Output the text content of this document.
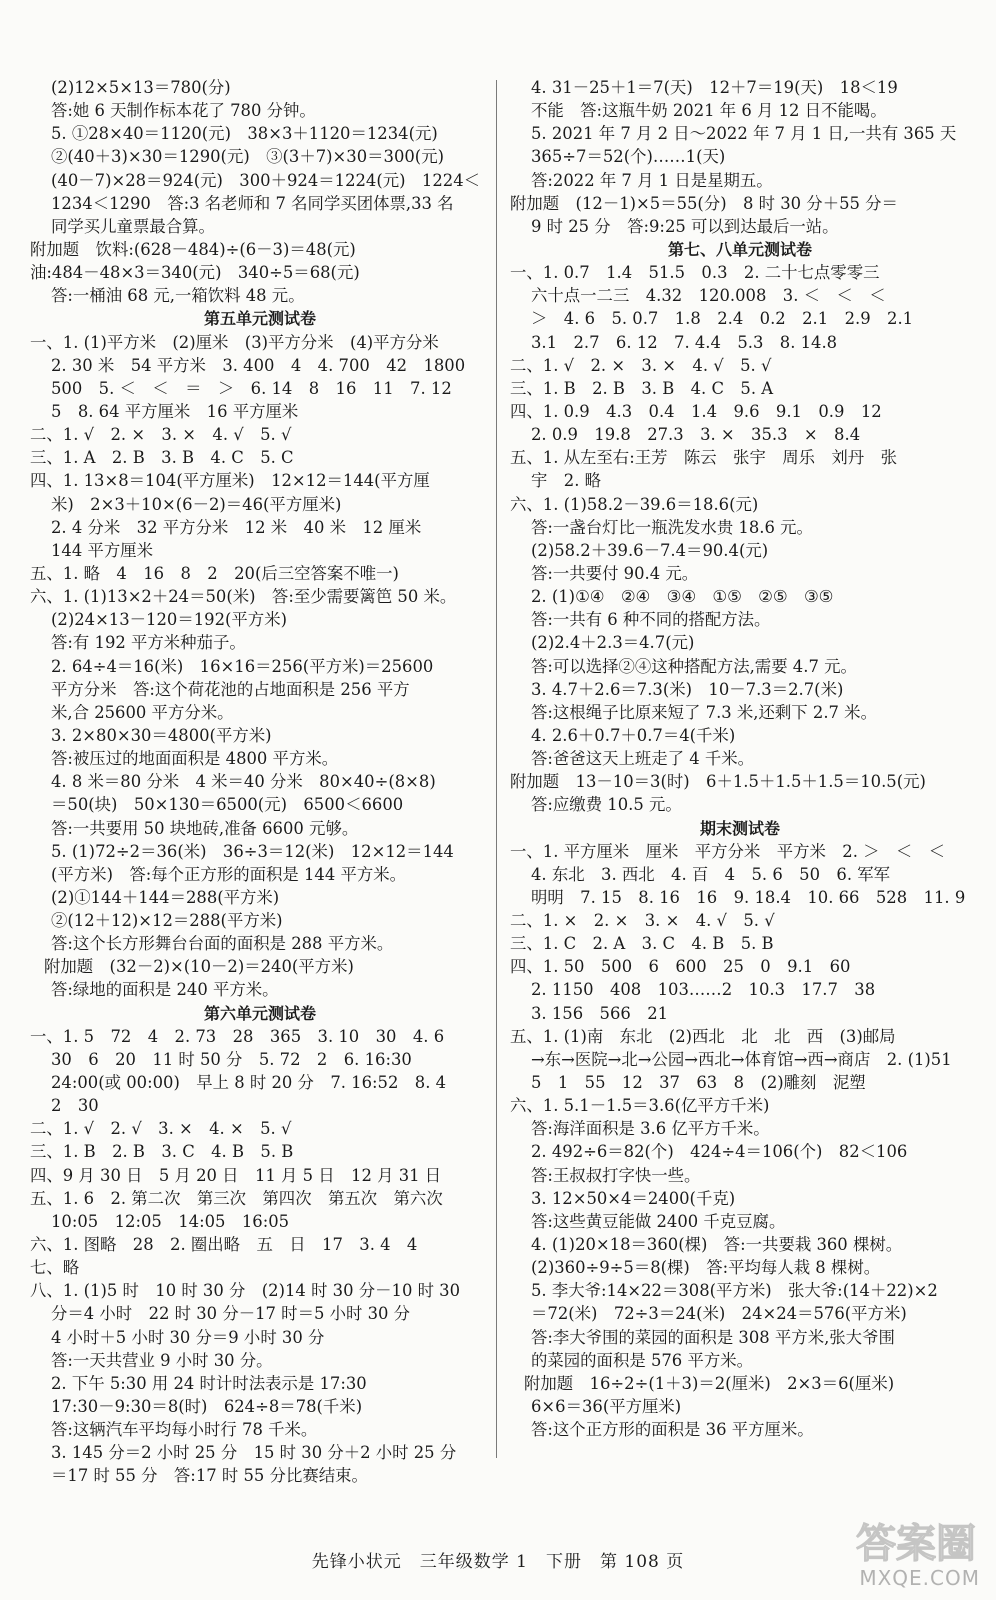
(2)12×5×13＝780(分)
答:她 6 天制作标本花了 780 分钟。
5. ①28×40＝1120(元)　38×3＋1120＝1234(元)
②(40＋3)×30＝1290(元)　③(3＋7)×30＝300(元)
(40－7)×28＝924(元)　300＋924＝1224(元)　1224＜
1234＜1290　答:3 名老师和 7 名同学买团体票,33 名
同学买儿童票最合算。
附加题　饮料:(628－484)÷(6－3)＝48(元)
油:484－48×3＝340(元)　340÷5＝68(元)
答:一桶油 68 元,一箱饮料 48 元。
第五单元测试卷
一、1. (1)平方米　(2)厘米　(3)平方分米　(4)平方分米
2. 30 米　54 平方米　3. 400　4　4. 700　42　1800
500　5. ＜　＜　＝　＞　6. 14　8　16　11　7. 12
5　8. 64 平方厘米　16 平方厘米
二、1. √　2. ×　3. ×　4. √　5. √
三、1. A　2. B　3. B　4. C　5. C
四、1. 13×8＝104(平方厘米)　12×12＝144(平方厘
米)　2×3＋10×(6－2)＝46(平方厘米)
2. 4 分米　32 平方分米　12 米　40 米　12 厘米
144 平方厘米
五、1. 略　4　16　8　2　20(后三空答案不唯一)
六、1. (1)13×2＋24＝50(米)　答:至少需要篱笆 50 米。
(2)24×13－120＝192(平方米)
答:有 192 平方米种茄子。
2. 64÷4＝16(米)　16×16＝256(平方米)＝25600
平方分米　答:这个荷花池的占地面积是 256 平方
米,合 25600 平方分米。
3. 2×80×30＝4800(平方米)
答:被压过的地面面积是 4800 平方米。
4. 8 米＝80 分米　4 米＝40 分米　80×40÷(8×8)
＝50(块)　50×130＝6500(元)　6500＜6600
答:一共要用 50 块地砖,准备 6600 元够。
5. (1)72÷2＝36(米)　36÷3＝12(米)　12×12＝144
(平方米)　答:每个正方形的面积是 144 平方米。
(2)①144＋144＝288(平方米)
②(12＋12)×12＝288(平方米)
答:这个长方形舞台台面的面积是 288 平方米。
附加题　(32－2)×(10－2)＝240(平方米)
答:绿地的面积是 240 平方米。
第六单元测试卷
一、1. 5　72　4　2. 73　28　365　3. 10　30　4. 6
30　6　20　11 时 50 分　5. 72　2　6. 16:30
24:00(或 00:00)　早上 8 时 20 分　7. 16:52　8. 4
2　30
二、1. √　2. √　3. ×　4. ×　5. √
三、1. B　2. B　3. C　4. B　5. B
四、9 月 30 日　5 月 20 日　11 月 5 日　12 月 31 日
五、1. 6　2. 第二次　第三次　第四次　第五次　第六次
10:05　12:05　14:05　16:05
六、1. 图略　28　2. 圈出略　五　日　17　3. 4　4
七、略
八、1. (1)5 时　10 时 30 分　(2)14 时 30 分－10 时 30
分＝4 小时　22 时 30 分－17 时＝5 小时 30 分
4 小时＋5 小时 30 分＝9 小时 30 分
答:一天共营业 9 小时 30 分。
2. 下午 5:30 用 24 时计时法表示是 17:30
17:30－9:30＝8(时)　624÷8＝78(千米)
答:这辆汽车平均每小时行 78 千米。
3. 145 分＝2 小时 25 分　15 时 30 分＋2 小时 25 分
＝17 时 55 分　答:17 时 55 分比赛结束。
4. 31－25＋1＝7(天)　12＋7＝19(天)　18＜19
不能　答:这瓶牛奶 2021 年 6 月 12 日不能喝。
5. 2021 年 7 月 2 日～2022 年 7 月 1 日,一共有 365 天
365÷7＝52(个)……1(天)
答:2022 年 7 月 1 日是星期五。
附加题　(12－1)×5＝55(分)　8 时 30 分＋55 分＝
9 时 25 分　答:9:25 可以到达最后一站。
第七、八单元测试卷
一、1. 0.7　1.4　51.5　0.3　2. 二十七点零零三
六十点一二三　4.32　120.008　3. ＜　＜　＜
＞　4. 6　5. 0.7　1.8　2.4　0.2　2.1　2.9　2.1
3.1　2.7　6. 12　7. 4.4　5.3　8. 14.8
二、1. √　2. ×　3. ×　4. √　5. √
三、1. B　2. B　3. B　4. C　5. A
四、1. 0.9　4.3　0.4　1.4　9.6　9.1　0.9　12
2. 0.9　19.8　27.3　3. ×　35.3　×　8.4
五、1. 从左至右:王芳　陈云　张宇　周乐　刘丹　张
宇　2. 略
六、1. (1)58.2－39.6＝18.6(元)
答:一盏台灯比一瓶洗发水贵 18.6 元。
(2)58.2＋39.6－7.4＝90.4(元)
答:一共要付 90.4 元。
2. (1)①④　②④　③④　①⑤　②⑤　③⑤
答:一共有 6 种不同的搭配方法。
(2)2.4＋2.3＝4.7(元)
答:可以选择②④这种搭配方法,需要 4.7 元。
3. 4.7＋2.6＝7.3(米)　10－7.3＝2.7(米)
答:这根绳子比原来短了 7.3 米,还剩下 2.7 米。
4. 2.6＋0.7＋0.7＝4(千米)
答:爸爸这天上班走了 4 千米。
附加题　13－10＝3(时)　6＋1.5＋1.5＋1.5＝10.5(元)
答:应缴费 10.5 元。
期末测试卷
一、1. 平方厘米　厘米　平方分米　平方米　2. ＞　＜　＜
4. 东北　3. 西北　4. 百　4　5. 6　50　6. 军军
明明　7. 15　8. 16　16　9. 18.4　10. 66　528　11. 9
二、1. ×　2. ×　3. ×　4. √　5. √
三、1. C　2. A　3. C　4. B　5. B
四、1. 50　500　6　600　25　0　9.1　60
2. 1150　408　103……2　10.3　17.7　38
3. 156　566　21
五、1. (1)南　东北　(2)西北　北　北　西　(3)邮局
→东→医院→北→公园→西北→体育馆→西→商店　2. (1)51
5　1　55　12　37　63　8　(2)雕刻　泥塑
六、1. 5.1－1.5＝3.6(亿平方千米)
答:海洋面积是 3.6 亿平方千米。
2. 492÷6＝82(个)　424÷4＝106(个)　82＜106
答:王叔叔打字快一些。
3. 12×50×4＝2400(千克)
答:这些黄豆能做 2400 千克豆腐。
4. (1)20×18＝360(棵)　答:一共要栽 360 棵树。
(2)360÷9÷5＝8(棵)　答:平均每人栽 8 棵树。
5. 李大爷:14×22＝308(平方米)　张大爷:(14＋22)×2
＝72(米)　72÷3＝24(米)　24×24＝576(平方米)
答:李大爷围的菜园的面积是 308 平方米,张大爷围
的菜园的面积是 576 平方米。
附加题　16÷2÷(1＋3)＝2(厘米)　2×3＝6(厘米)
6×6＝36(平方厘米)
答:这个正方形的面积是 36 平方厘米。
先锋小状元　三年级数学 1　下册　第 108 页	答案圈
MXQE.COM
